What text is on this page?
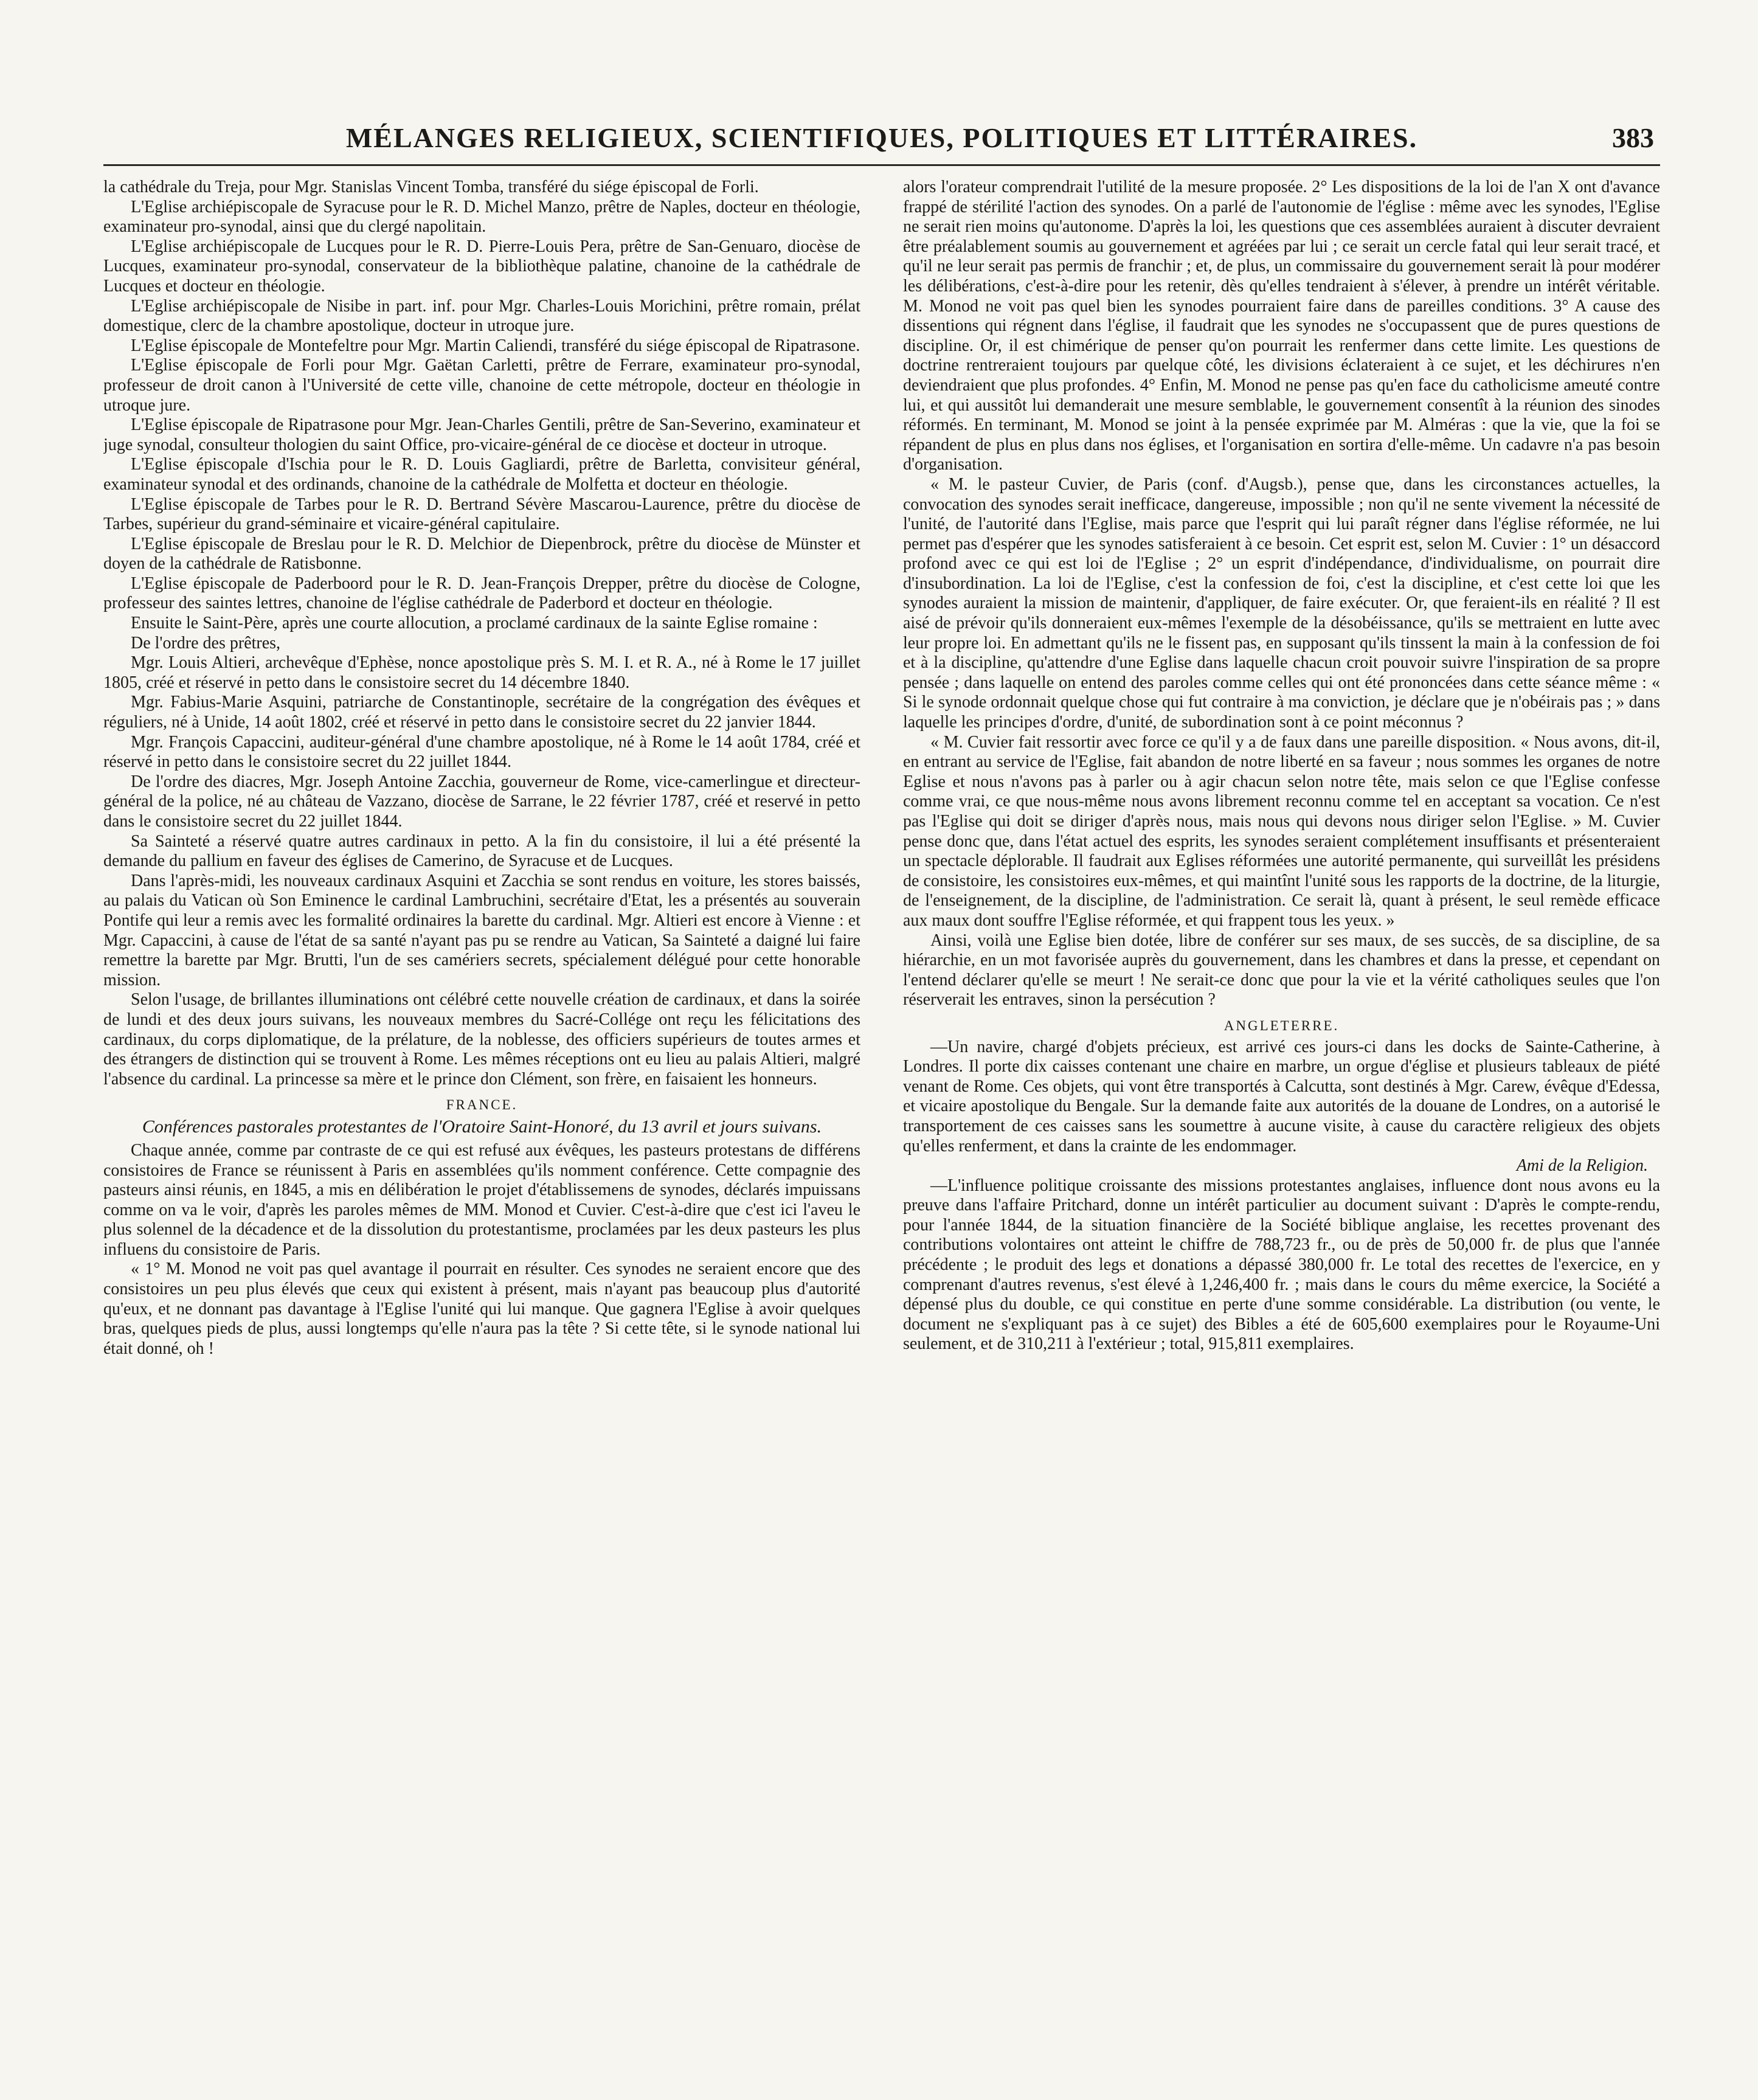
MÉLANGES RELIGIEUX, SCIENTIFIQUES, POLITIQUES ET LITTÉRAIRES.	383

la cathédrale du Treja, pour Mgr. Stanislas Vincent Tomba, transféré du siége épiscopal de Forli.

L'Eglise archiépiscopale de Syracuse pour le R. D. Michel Manzo, prêtre de Naples, docteur en théologie, examinateur pro-synodal, ainsi que du clergé napolitain.

L'Eglise archiépiscopale de Lucques pour le R. D. Pierre-Louis Pera, prêtre de San-Genuaro, diocèse de Lucques, examinateur pro-synodal, conservateur de la bibliothèque palatine, chanoine de la cathédrale de Lucques et docteur en théologie.

L'Eglise archiépiscopale de Nisibe in part. inf. pour Mgr. Charles-Louis Morichini, prêtre romain, prélat domestique, clerc de la chambre apostolique, docteur in utroque jure.

L'Eglise épiscopale de Montefeltre pour Mgr. Martin Caliendi, transféré du siége épiscopal de Ripatrasone.

L'Eglise épiscopale de Forli pour Mgr. Gaëtan Carletti, prêtre de Ferrare, examinateur pro-synodal, professeur de droit canon à l'Université de cette ville, chanoine de cette métropole, docteur en théologie in utroque jure.

L'Eglise épiscopale de Ripatrasone pour Mgr. Jean-Charles Gentili, prêtre de San-Severino, examinateur et juge synodal, consulteur thologien du saint Office, pro-vicaire-général de ce diocèse et docteur in utroque.

L'Eglise épiscopale d'Ischia pour le R. D. Louis Gagliardi, prêtre de Barletta, convisiteur général, examinateur synodal et des ordinands, chanoine de la cathédrale de Molfetta et docteur en théologie.

L'Eglise épiscopale de Tarbes pour le R. D. Bertrand Sévère Mascarou-Laurence, prêtre du diocèse de Tarbes, supérieur du grand-séminaire et vicaire-général capitulaire.

L'Eglise épiscopale de Breslau pour le R. D. Melchior de Diepenbrock, prêtre du diocèse de Münster et doyen de la cathédrale de Ratisbonne.

L'Eglise épiscopale de Paderboord pour le R. D. Jean-François Drepper, prêtre du diocèse de Cologne, professeur des saintes lettres, chanoine de l'église cathédrale de Paderbord et docteur en théologie.

Ensuite le Saint-Père, après une courte allocution, a proclamé cardinaux de la sainte Eglise romaine :

De l'ordre des prêtres,

Mgr. Louis Altieri, archevêque d'Ephèse, nonce apostolique près S. M. I. et R. A., né à Rome le 17 juillet 1805, créé et réservé in petto dans le consistoire secret du 14 décembre 1840.

Mgr. Fabius-Marie Asquini, patriarche de Constantinople, secrétaire de la congrégation des évêques et réguliers, né à Unide, 14 août 1802, créé et réservé in petto dans le consistoire secret du 22 janvier 1844.

Mgr. François Capaccini, auditeur-général d'une chambre apostolique, né à Rome le 14 août 1784, créé et réservé in petto dans le consistoire secret du 22 juillet 1844.

De l'ordre des diacres, Mgr. Joseph Antoine Zacchia, gouverneur de Rome, vice-camerlingue et directeur-général de la police, né au château de Vazzano, diocèse de Sarrane, le 22 février 1787, créé et reservé in petto dans le consistoire secret du 22 juillet 1844.

Sa Sainteté a réservé quatre autres cardinaux in petto. A la fin du consistoire, il lui a été présenté la demande du pallium en faveur des églises de Camerino, de Syracuse et de Lucques.

Dans l'après-midi, les nouveaux cardinaux Asquini et Zacchia se sont rendus en voiture, les stores baissés, au palais du Vatican où Son Eminence le cardinal Lambruchini, secrétaire d'Etat, les a présentés au souverain Pontife qui leur a remis avec les formalité ordinaires la barette du cardinal. Mgr. Altieri est encore à Vienne : et Mgr. Capaccini, à cause de l'état de sa santé n'ayant pas pu se rendre au Vatican, Sa Sainteté a daigné lui faire remettre la barette par Mgr. Brutti, l'un de ses camériers secrets, spécialement délégué pour cette honorable mission.

Selon l'usage, de brillantes illuminations ont célébré cette nouvelle création de cardinaux, et dans la soirée de lundi et des deux jours suivans, les nouveaux membres du Sacré-Collége ont reçu les félicitations des cardinaux, du corps diplomatique, de la prélature, de la noblesse, des officiers supérieurs de toutes armes et des étrangers de distinction qui se trouvent à Rome. Les mêmes réceptions ont eu lieu au palais Altieri, malgré l'absence du cardinal. La princesse sa mère et le prince don Clément, son frère, en faisaient les honneurs.

FRANCE.
Conférences pastorales protestantes de l'Oratoire Saint-Honoré, du 13 avril et jours suivans.

Chaque année, comme par contraste de ce qui est refusé aux évêques, les pasteurs protestans de différens consistoires de France se réunissent à Paris en assemblées qu'ils nomment conférence. Cette compagnie des pasteurs ainsi réunis, en 1845, a mis en délibération le projet d'établissemens de synodes, déclarés impuissans comme on va le voir, d'après les paroles mêmes de MM. Monod et Cuvier. C'est-à-dire que c'est ici l'aveu le plus solennel de la décadence et de la dissolution du protestantisme, proclamées par les deux pasteurs les plus influens du consistoire de Paris.

« 1° M. Monod ne voit pas quel avantage il pourrait en résulter. Ces synodes ne seraient encore que des consistoires un peu plus élevés que ceux qui existent à présent, mais n'ayant pas beaucoup plus d'autorité qu'eux, et ne donnant pas davantage à l'Eglise l'unité qui lui manque. Que gagnera l'Eglise à avoir quelques bras, quelques pieds de plus, aussi longtemps qu'elle n'aura pas la tête ? Si cette tête, si le synode national lui était donné, oh !

alors l'orateur comprendrait l'utilité de la mesure proposée. 2° Les dispositions de la loi de l'an X ont d'avance frappé de stérilité l'action des synodes. On a parlé de l'autonomie de l'église : même avec les synodes, l'Eglise ne serait rien moins qu'autonome. D'après la loi, les questions que ces assemblées auraient à discuter devraient être préalablement soumis au gouvernement et agréées par lui ; ce serait un cercle fatal qui leur serait tracé, et qu'il ne leur serait pas permis de franchir ; et, de plus, un commissaire du gouvernement serait là pour modérer les délibérations, c'est-à-dire pour les retenir, dès qu'elles tendraient à s'élever, à prendre un intérêt véritable. M. Monod ne voit pas quel bien les synodes pourraient faire dans de pareilles conditions. 3° A cause des dissentions qui régnent dans l'église, il faudrait que les synodes ne s'occupassent que de pures questions de discipline. Or, il est chimérique de penser qu'on pourrait les renfermer dans cette limite. Les questions de doctrine rentreraient toujours par quelque côté, les divisions éclateraient à ce sujet, et les déchirures n'en deviendraient que plus profondes. 4° Enfin, M. Monod ne pense pas qu'en face du catholicisme ameuté contre lui, et qui aussitôt lui demanderait une mesure semblable, le gouvernement consentît à la réunion des sinodes réformés. En terminant, M. Monod se joint à la pensée exprimée par M. Alméras : que la vie, que la foi se répandent de plus en plus dans nos églises, et l'organisation en sortira d'elle-même. Un cadavre n'a pas besoin d'organisation.

« M. le pasteur Cuvier, de Paris (conf. d'Augsb.), pense que, dans les circonstances actuelles, la convocation des synodes serait inefficace, dangereuse, impossible ; non qu'il ne sente vivement la nécessité de l'unité, de l'autorité dans l'Eglise, mais parce que l'esprit qui lui paraît régner dans l'église réformée, ne lui permet pas d'espérer que les synodes satisferaient à ce besoin. Cet esprit est, selon M. Cuvier : 1° un désaccord profond avec ce qui est loi de l'Eglise ; 2° un esprit d'indépendance, d'individualisme, on pourrait dire d'insubordination. La loi de l'Eglise, c'est la confession de foi, c'est la discipline, et c'est cette loi que les synodes auraient la mission de maintenir, d'appliquer, de faire exécuter. Or, que feraient-ils en réalité ? Il est aisé de prévoir qu'ils donneraient eux-mêmes l'exemple de la désobéissance, qu'ils se mettraient en lutte avec leur propre loi. En admettant qu'ils ne le fissent pas, en supposant qu'ils tinssent la main à la confession de foi et à la discipline, qu'attendre d'une Eglise dans laquelle chacun croit pouvoir suivre l'inspiration de sa propre pensée ; dans laquelle on entend des paroles comme celles qui ont été prononcées dans cette séance même : « Si le synode ordonnait quelque chose qui fut contraire à ma conviction, je déclare que je n'obéirais pas ; » dans laquelle les principes d'ordre, d'unité, de subordination sont à ce point méconnus ?

« M. Cuvier fait ressortir avec force ce qu'il y a de faux dans une pareille disposition. « Nous avons, dit-il, en entrant au service de l'Eglise, fait abandon de notre liberté en sa faveur ; nous sommes les organes de notre Eglise et nous n'avons pas à parler ou à agir chacun selon notre tête, mais selon ce que l'Eglise confesse comme vrai, ce que nous-même nous avons librement reconnu comme tel en acceptant sa vocation. Ce n'est pas l'Eglise qui doit se diriger d'après nous, mais nous qui devons nous diriger selon l'Eglise. » M. Cuvier pense donc que, dans l'état actuel des esprits, les synodes seraient complétement insuffisants et présenteraient un spectacle déplorable. Il faudrait aux Eglises réformées une autorité permanente, qui surveillât les présidens de consistoire, les consistoires eux-mêmes, et qui maintînt l'unité sous les rapports de la doctrine, de la liturgie, de l'enseignement, de la discipline, de l'administration. Ce serait là, quant à présent, le seul remède efficace aux maux dont souffre l'Eglise réformée, et qui frappent tous les yeux. »

Ainsi, voilà une Eglise bien dotée, libre de conférer sur ses maux, de ses succès, de sa discipline, de sa hiérarchie, en un mot favorisée auprès du gouvernement, dans les chambres et dans la presse, et cependant on l'entend déclarer qu'elle se meurt ! Ne serait-ce donc que pour la vie et la vérité catholiques seules que l'on réserverait les entraves, sinon la persécution ?

ANGLETERRE.

—Un navire, chargé d'objets précieux, est arrivé ces jours-ci dans les docks de Sainte-Catherine, à Londres. Il porte dix caisses contenant une chaire en marbre, un orgue d'église et plusieurs tableaux de piété venant de Rome. Ces objets, qui vont être transportés à Calcutta, sont destinés à Mgr. Carew, évêque d'Edessa, et vicaire apostolique du Bengale. Sur la demande faite aux autorités de la douane de Londres, on a autorisé le transportement de ces caisses sans les soumettre à aucune visite, à cause du caractère religieux des objets qu'elles renferment, et dans la crainte de les endommager.

Ami de la Religion.

—L'influence politique croissante des missions protestantes anglaises, influence dont nous avons eu la preuve dans l'affaire Pritchard, donne un intérêt particulier au document suivant : D'après le compte-rendu, pour l'année 1844, de la situation financière de la Société biblique anglaise, les recettes provenant des contributions volontaires ont atteint le chiffre de 788,723 fr., ou de près de 50,000 fr. de plus que l'année précédente ; le produit des legs et donations a dépassé 380,000 fr. Le total des recettes de l'exercice, en y comprenant d'autres revenus, s'est élevé à 1,246,400 fr. ; mais dans le cours du même exercice, la Société a dépensé plus du double, ce qui constitue en perte d'une somme considérable. La distribution (ou vente, le document ne s'expliquant pas à ce sujet) des Bibles a été de 605,600 exemplaires pour le Royaume-Uni seulement, et de 310,211 à l'extérieur ; total, 915,811 exemplaires.
